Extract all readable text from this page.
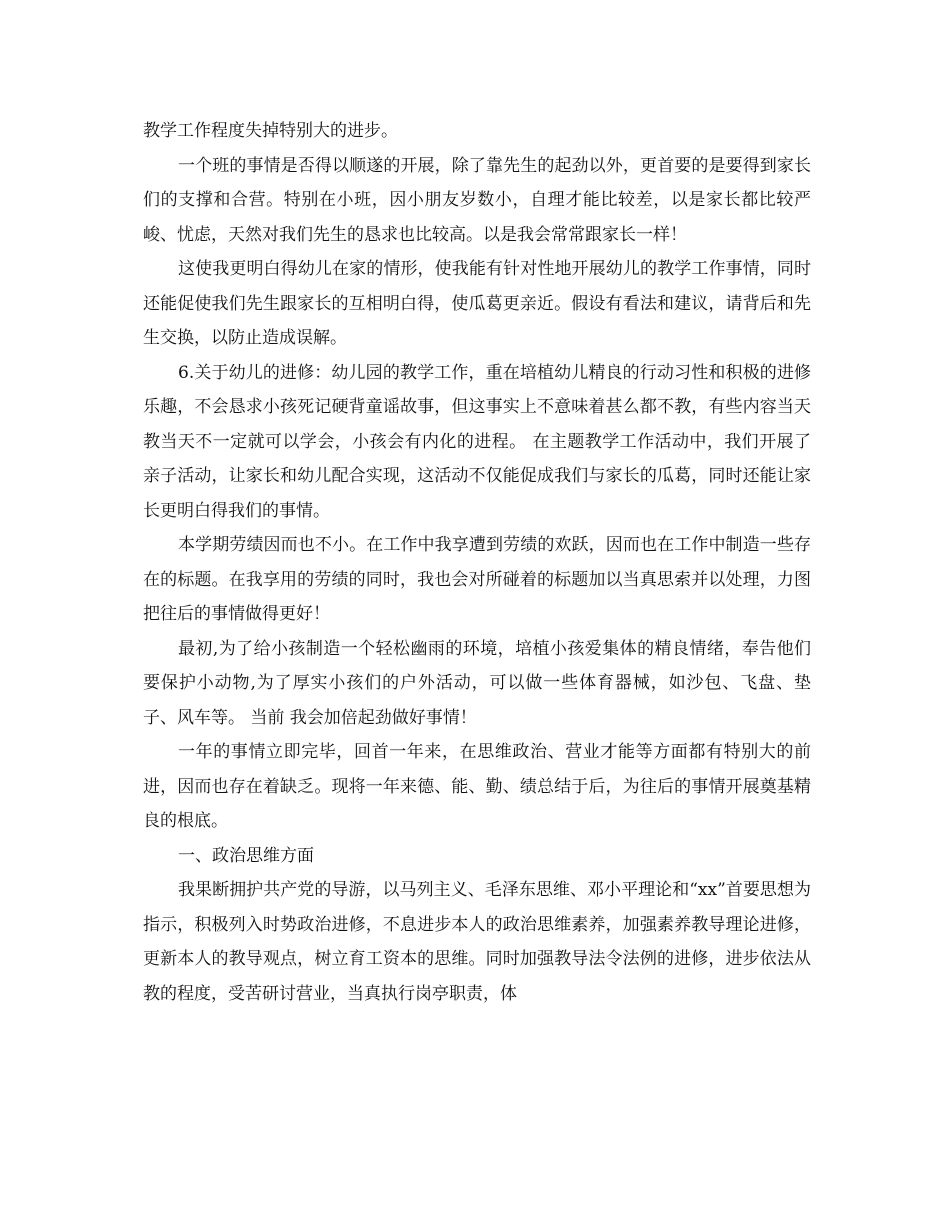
教学工作程度失掉特别大的进步。

一个班的事情是否得以顺遂的开展，除了靠先生的起劲以外，更首要的是要得到家长们的支撑和合营。特别在小班，因小朋友岁数小，自理才能比较差，以是家长都比较严峻、忧虑，天然对我们先生的恳求也比较高。以是我会常常跟家长一样！

这使我更明白得幼儿在家的情形，使我能有针对性地开展幼儿的教学工作事情，同时还能促使我们先生跟家长的互相明白得，使瓜葛更亲近。假设有看法和建议，请背后和先生交换，以防止造成误解。

6.关于幼儿的进修：幼儿园的教学工作，重在培植幼儿精良的行动习性和积极的进修乐趣，不会恳求小孩死记硬背童谣故事，但这事实上不意味着甚么都不教，有些内容当天教当天不一定就可以学会，小孩会有内化的进程。 在主题教学工作活动中，我们开展了亲子活动，让家长和幼儿配合实现，这活动不仅能促成我们与家长的瓜葛，同时还能让家长更明白得我们的事情。

本学期劳绩因而也不小。在工作中我享遭到劳绩的欢跃，因而也在工作中制造一些存在的标题。在我享用的劳绩的同时，我也会对所碰着的标题加以当真思索并以处理，力图把往后的事情做得更好！

最初,为了给小孩制造一个轻松幽雨的环境，培植小孩爱集体的精良情绪，奉告他们要保护小动物,为了厚实小孩们的户外活动，可以做一些体育器械，如沙包、飞盘、垫子、风车等。 当前 我会加倍起劲做好事情！

一年的事情立即完毕，回首一年来，在思维政治、营业才能等方面都有特别大的前进，因而也存在着缺乏。现将一年来德、能、勤、绩总结于后，为往后的事情开展奠基精良的根底。

一、政治思维方面

我果断拥护共产党的导游，以马列主义、毛泽东思维、邓小平理论和“xx”首要思想为指示，积极列入时势政治进修，不息进步本人的政治思维素养，加强素养教导理论进修，更新本人的教导观点，树立育工资本的思维。同时加强教导法令法例的进修，进步依法从教的程度，受苦研讨营业，当真执行岗亭职责，体
